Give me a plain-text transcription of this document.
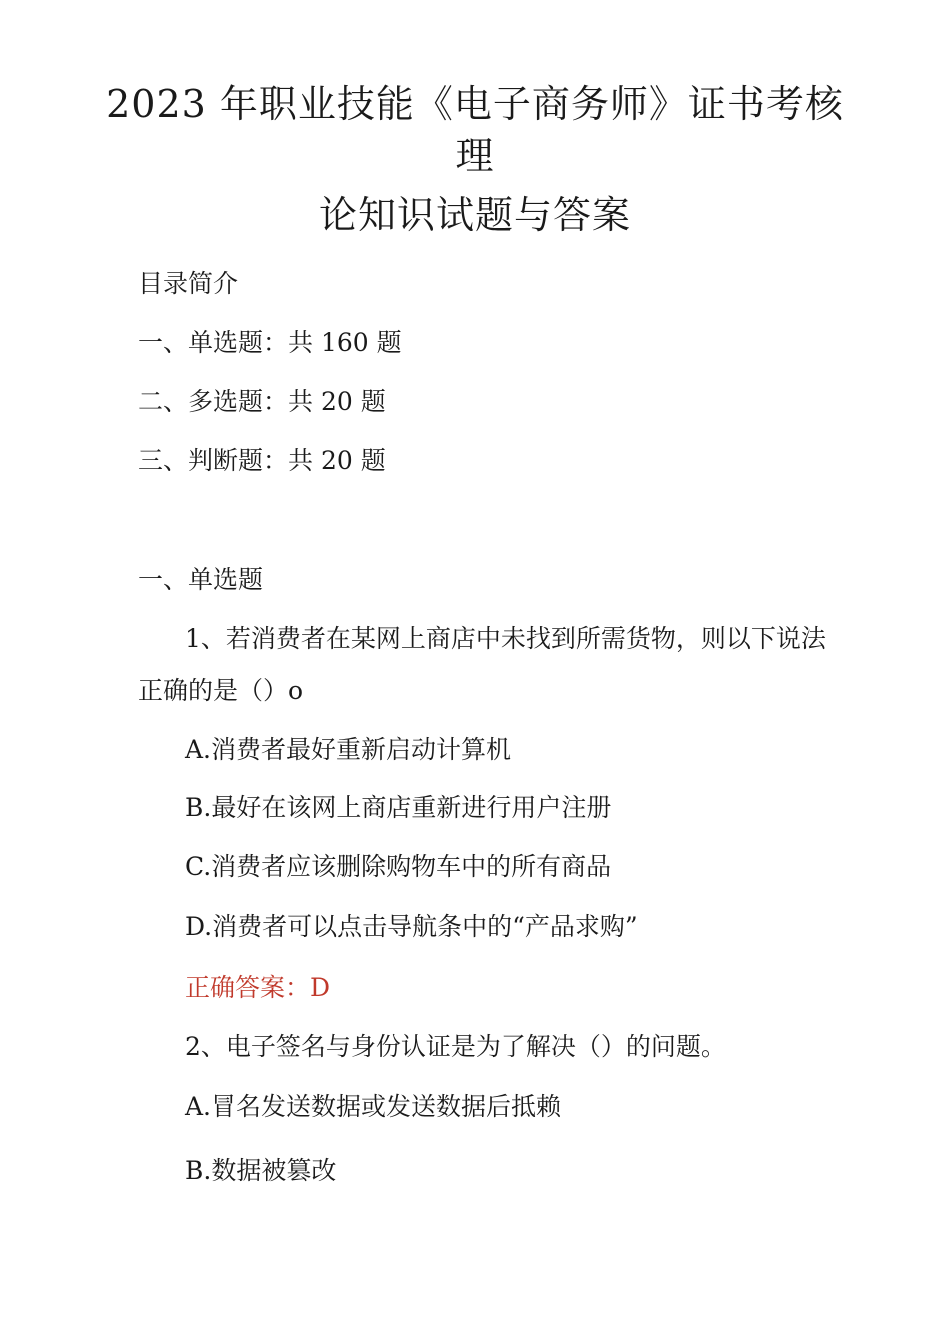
2023 年职业技能《电子商务师》证书考核理
论知识试题与答案
目录简介
一、单选题：共 160 题
二、多选题：共 20 题
三、判断题：共 20 题
一、单选题
1、若消费者在某网上商店中未找到所需货物，则以下说法
正确的是（）o
A.消费者最好重新启动计算机
B.最好在该网上商店重新进行用户注册
C.消费者应该删除购物车中的所有商品
D.消费者可以点击导航条中的“产品求购”
正确答案：D
2、电子签名与身份认证是为了解决（）的问题。
A.冒名发送数据或发送数据后抵赖
B.数据被篡改
